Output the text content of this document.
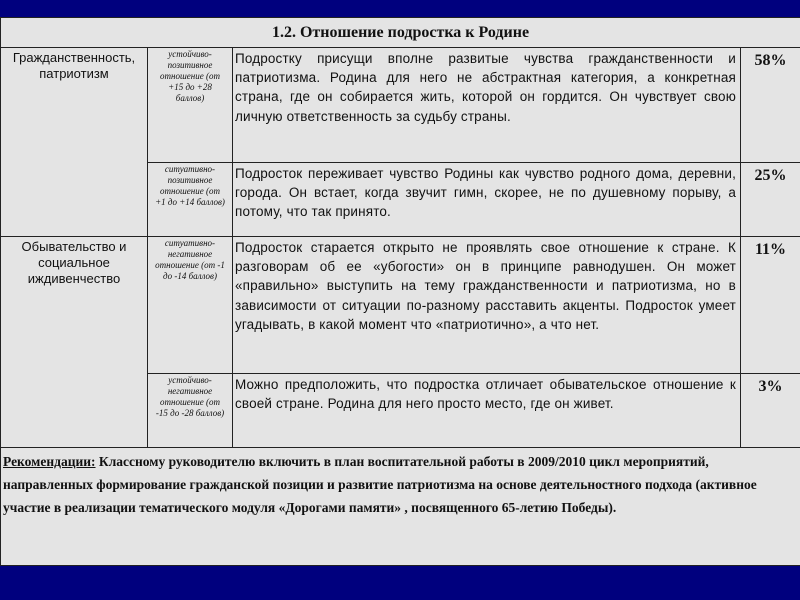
1.2. Отношение подростка к Родине			
Гражданственность, патриотизм	устойчиво-позитивное отношение (от +15 до +28 баллов)	Подростку присущи вполне развитые чувства гражданственности и патриотизма. Родина для него не абстрактная категория, а конкретная страна, где он собирается жить, которой он гордится. Он чувствует свою личную ответственность за судьбу страны.	58%
	ситуативно-позитивное отношение (от +1 до +14 баллов)	Подросток переживает чувство Родины как чувство родного дома, деревни, города. Он встает, когда звучит гимн, скорее, не по душевному порыву, а потому, что так принято.	25%
Обывательство и социальное иждивенчество	ситуативно-негативное отношение (от -1 до -14 баллов)	Подросток старается открыто не проявлять свое отношение к стране. К разговорам об ее «убогости» он в принципе равнодушен. Он может «правильно» выступить на тему гражданственности и патриотизма, но в зависимости от ситуации по-разному расставить акценты. Подросток умеет угадывать, в какой момент что «патриотично», а что нет.	11%
	устойчиво-негативное отношение (от -15 до -28 баллов)	Можно предположить, что подростка отличает обывательское отношение к своей стране. Родина для него просто место, где он живет.	3%
Рекомендации: Классному руководителю включить в план воспитательной работы в 2009/2010 цикл мероприятий, направленных формирование гражданской позиции и развитие патриотизма на основе деятельностного подхода (активное участие в реализации тематического модуля «Дорогами памяти» , посвященного 65-летию Победы).			
